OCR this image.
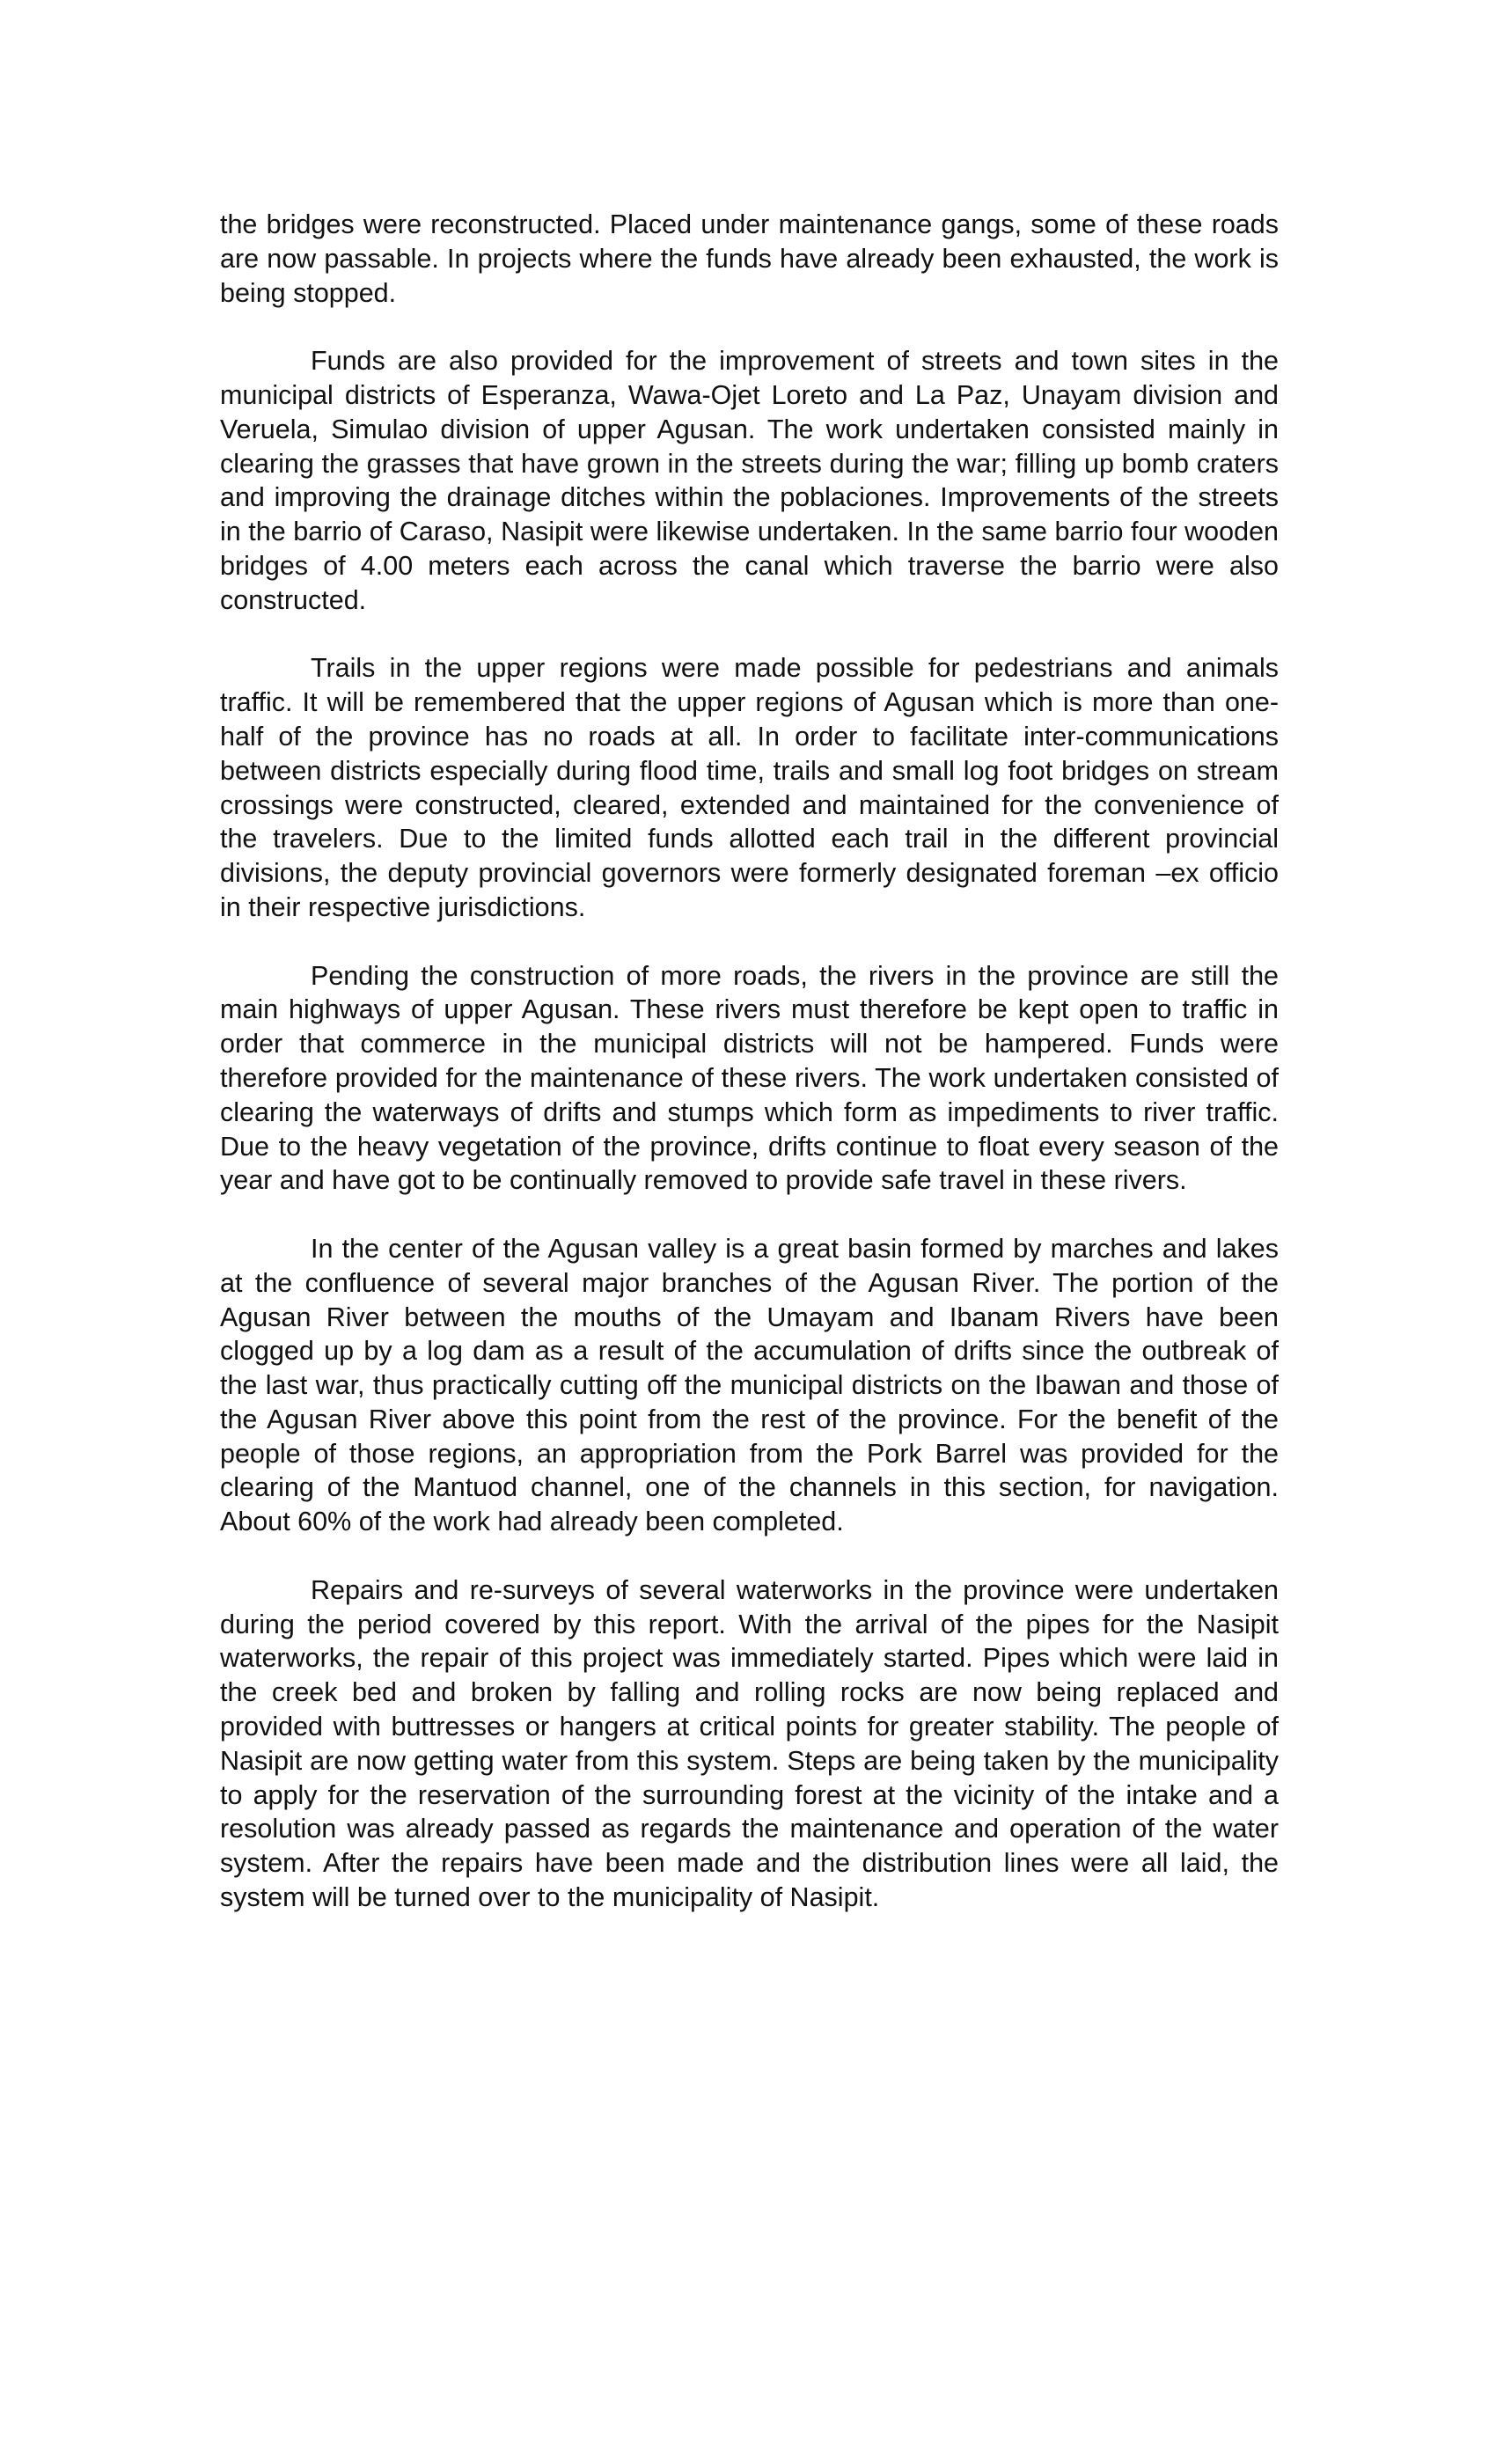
the bridges were reconstructed. Placed under maintenance gangs, some of these roads are now passable. In projects where the funds have already been exhausted, the work is being stopped.

Funds are also provided for the improvement of streets and town sites in the municipal districts of Esperanza, Wawa-Ojet Loreto and La Paz, Unayam division and Veruela, Simulao division of upper Agusan. The work undertaken consisted mainly in clearing the grasses that have grown in the streets during the war; filling up bomb craters and improving the drainage ditches within the poblaciones. Improvements of the streets in the barrio of Caraso, Nasipit were likewise undertaken. In the same barrio four wooden bridges of 4.00 meters each across the canal which traverse the barrio were also constructed.

Trails in the upper regions were made possible for pedestrians and animals traffic. It will be remembered that the upper regions of Agusan which is more than one-half of the province has no roads at all. In order to facilitate inter-communications between districts especially during flood time, trails and small log foot bridges on stream crossings were constructed, cleared, extended and maintained for the convenience of the travelers. Due to the limited funds allotted each trail in the different provincial divisions, the deputy provincial governors were formerly designated foreman –ex officio in their respective jurisdictions.

Pending the construction of more roads, the rivers in the province are still the main highways of upper Agusan. These rivers must therefore be kept open to traffic in order that commerce in the municipal districts will not be hampered. Funds were therefore provided for the maintenance of these rivers. The work undertaken consisted of clearing the waterways of drifts and stumps which form as impediments to river traffic. Due to the heavy vegetation of the province, drifts continue to float every season of the year and have got to be continually removed to provide safe travel in these rivers.

In the center of the Agusan valley is a great basin formed by marches and lakes at the confluence of several major branches of the Agusan River. The portion of the Agusan River between the mouths of the Umayam and Ibanam Rivers have been clogged up by a log dam as a result of the accumulation of drifts since the outbreak of the last war, thus practically cutting off the municipal districts on the Ibawan and those of the Agusan River above this point from the rest of the province. For the benefit of the people of those regions, an appropriation from the Pork Barrel was provided for the clearing of the Mantuod channel, one of the channels in this section, for navigation. About 60% of the work had already been completed.

Repairs and re-surveys of several waterworks in the province were undertaken during the period covered by this report. With the arrival of the pipes for the Nasipit waterworks, the repair of this project was immediately started. Pipes which were laid in the creek bed and broken by falling and rolling rocks are now being replaced and provided with buttresses or hangers at critical points for greater stability. The people of Nasipit are now getting water from this system. Steps are being taken by the municipality to apply for the reservation of the surrounding forest at the vicinity of the intake and a resolution was already passed as regards the maintenance and operation of the water system. After the repairs have been made and the distribution lines were all laid, the system will be turned over to the municipality of Nasipit.
